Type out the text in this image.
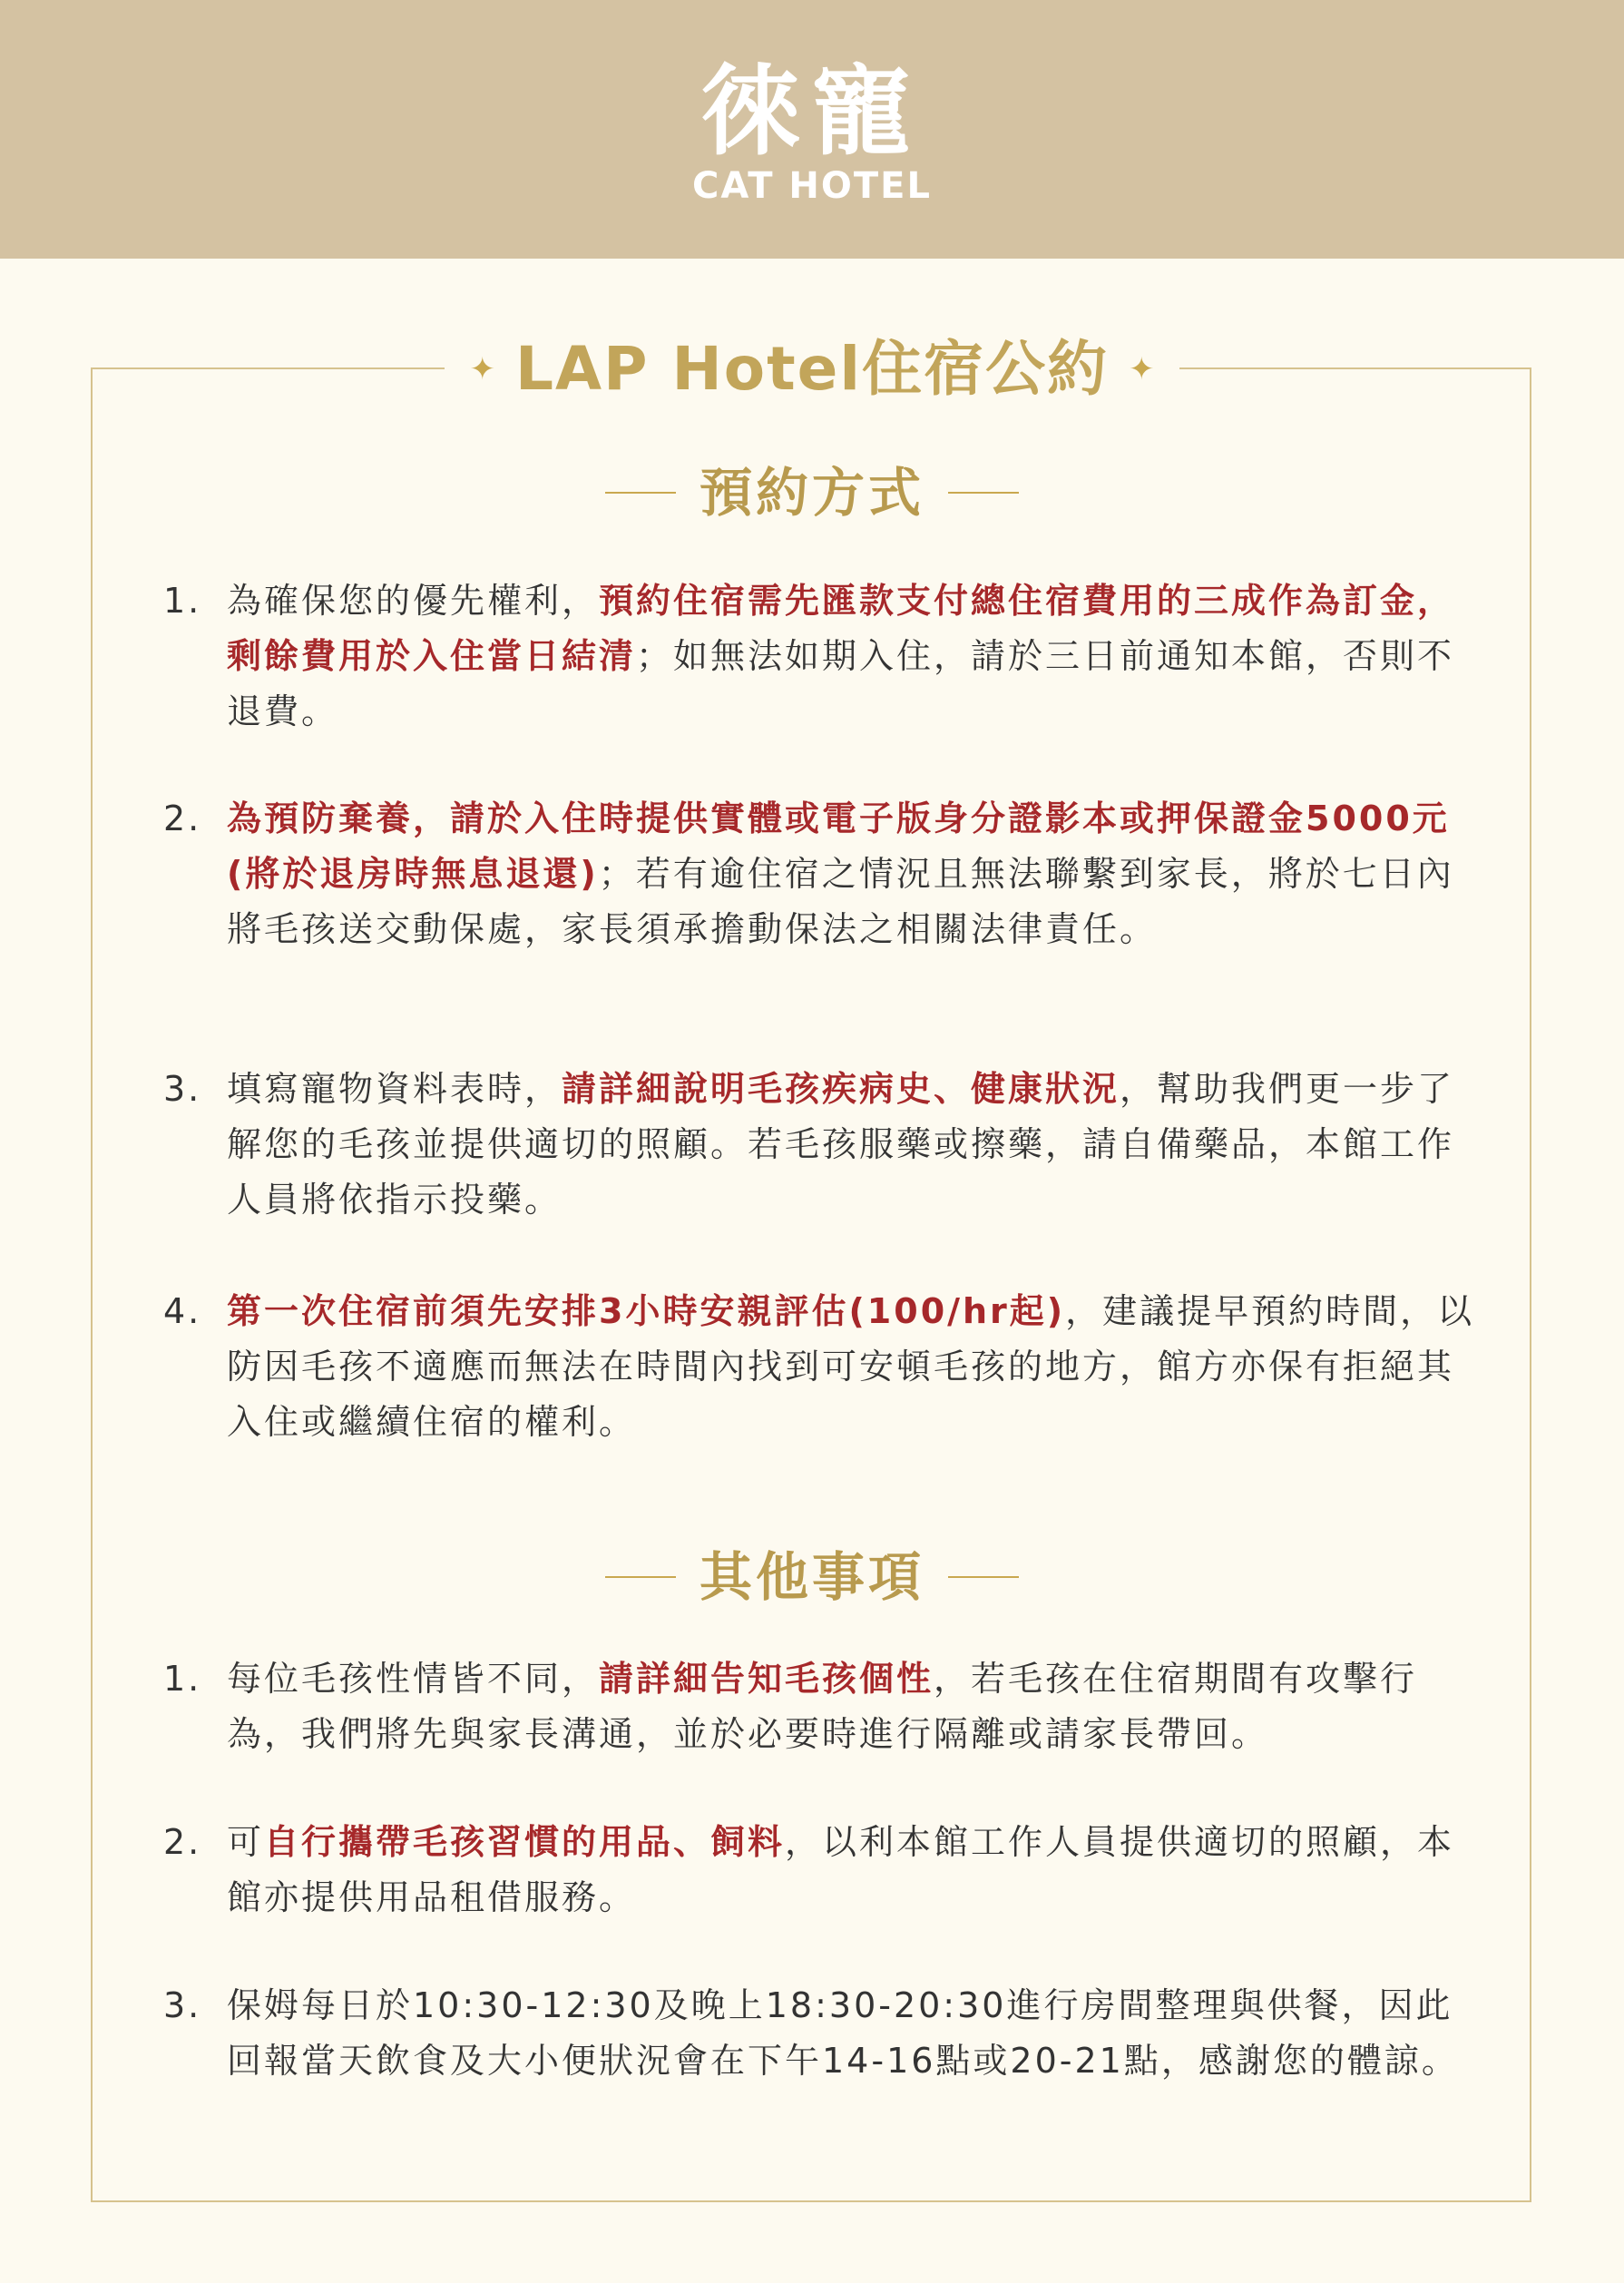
徠寵
CAT HOTEL
✦ LAP Hotel住宿公約 ✦
預約方式
1. 為確保您的優先權利，預約住宿需先匯款支付總住宿費用的三成作為訂金，剩餘費用於入住當日結清；如無法如期入住，請於三日前通知本館，否則不退費。
2. 為預防棄養，請於入住時提供實體或電子版身分證影本或押保證金5000元(將於退房時無息退還)；若有逾住宿之情況且無法聯繫到家長，將於七日內將毛孩送交動保處，家長須承擔動保法之相關法律責任。
3. 填寫寵物資料表時，請詳細說明毛孩疾病史、健康狀況，幫助我們更一步了解您的毛孩並提供適切的照顧。若毛孩服藥或擦藥，請自備藥品，本館工作人員將依指示投藥。
4. 第一次住宿前須先安排3小時安親評估(100/hr起)，建議提早預約時間，以防因毛孩不適應而無法在時間內找到可安頓毛孩的地方，館方亦保有拒絕其入住或繼續住宿的權利。
其他事項
1. 每位毛孩性情皆不同，請詳細告知毛孩個性，若毛孩在住宿期間有攻擊行為，我們將先與家長溝通，並於必要時進行隔離或請家長帶回。
2. 可自行攜帶毛孩習慣的用品、飼料，以利本館工作人員提供適切的照顧，本館亦提供用品租借服務。
3. 保姆每日於10:30-12:30及晚上18:30-20:30進行房間整理與供餐，因此回報當天飲食及大小便狀況會在下午14-16點或20-21點，感謝您的體諒。
